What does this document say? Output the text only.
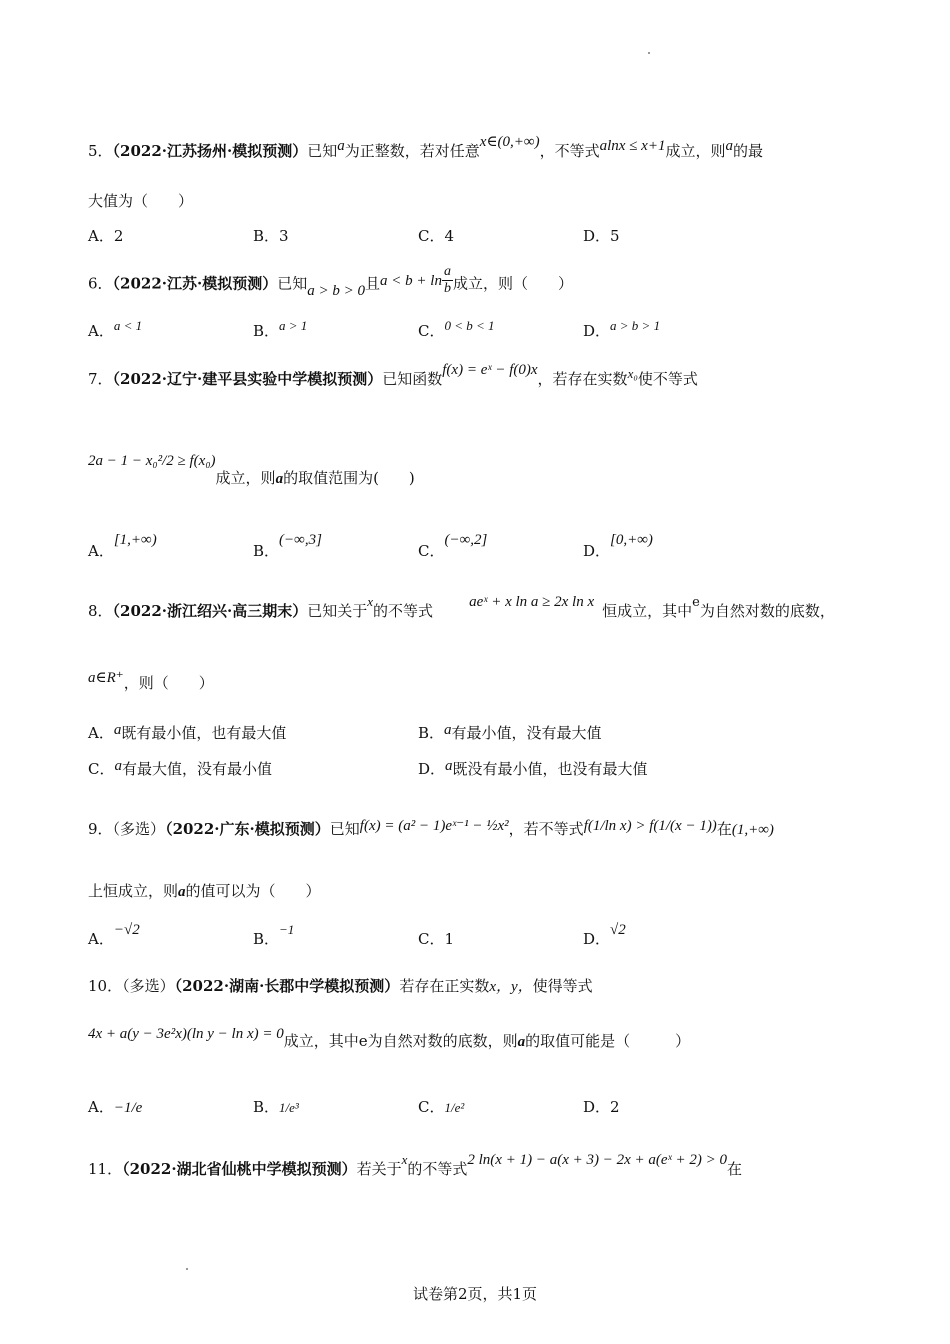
5．（2022·江苏扬州·模拟预测）已知a为正整数，若对任意x∈(0,+∞)，不等式alnx ≤ x+1成立，则a的最
大值为（　　）
A．2	B．3	C．4	D．5
6．（2022·江苏·模拟预测）已知a > b > 0且$a < b + \ln \frac{a}{b}$ 成立，则（　　）
A．a < 1	B．a > 1	C．0 < b < 1	D．a > b > 1
7．（2022·辽宁·建平县实验中学模拟预测）已知函数f(x) = eˣ − f(0)x，若存在实数x₀使不等式
2a − 1 − x₀²/2 ≥ f(x₀)成立，则a的取值范围为(　　)
A．[1,+∞)
B．(−∞,3]
C．(−∞,2]
D．[0,+∞)
8．（2022·浙江绍兴·高三期末）已知关于x的不等式 aeˣ + x ln a ≥ 2x ln x 恒成立，其中e为自然对数的底数，
a∈R⁺，则（　　）
A．a既有最小值，也有最大值	B．a有最小值，没有最大值
C．a有最大值，没有最小值	D．a既没有最小值，也没有最大值
9．（多选）（2022·广东·模拟预测）已知f(x) = (a² − 1)eˣ⁻¹ − ½x²，若不等式f(1/ln x) > f(1/(x − 1))在(1,+∞)
上恒成立，则a的值可以为（　　）
A．−√2	B．−1
C．1	D．√2
10．（多选）（2022·湖南·长郡中学模拟预测）若存在正实数x，y，使得等式
4x + a(y − 3e²x)(ln y − ln x) = 0成立，其中e为自然对数的底数，则a的取值可能是（　　　）
A．−1/e	B．1/e³	C．1/e²	D．2
11．（2022·湖北省仙桃中学模拟预测）若关于x的不等式2 ln(x + 1) − a(x + 3) − 2x + a(eˣ + 2) > 0在
试卷第2页，共1页
